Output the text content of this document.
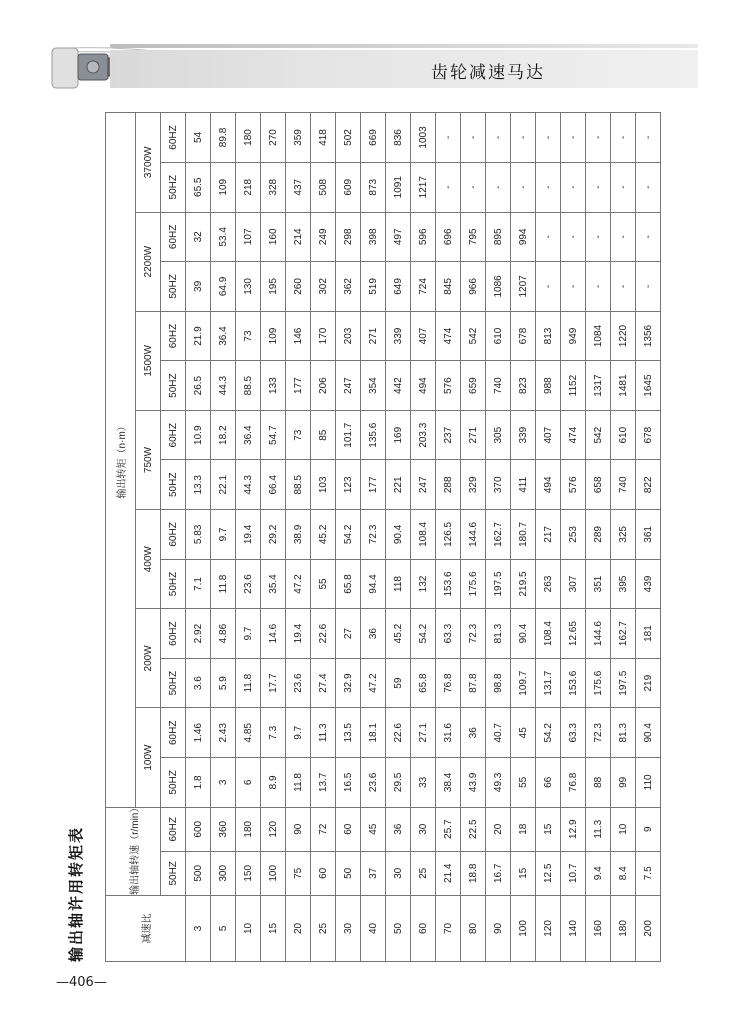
齿轮减速马达
输出轴许用转矩表	减速比	输出轴转速（r/min）		输出转矩（n·m）													
			100W		200W		400W		750W		1500W		2200W		3700W	
	50HZ	60HZ	50HZ	60HZ	50HZ	60HZ	50HZ	60HZ	50HZ	60HZ	50HZ	60HZ	50HZ	60HZ	50HZ	60HZ
3	500	600	1.8	1.46	3.6	2.92	7.1	5.83	13.3	10.9	26.5	21.9	39	32	65.5	54
5	300	360	3	2.43	5.9	4.86	11.8	9.7	22.1	18.2	44.3	36.4	64.9	53.4	109	89.8
10	150	180	6	4.85	11.8	9.7	23.6	19.4	44.3	36.4	88.5	73	130	107	218	180
15	100	120	8.9	7.3	17.7	14.6	35.4	29.2	66.4	54.7	133	109	195	160	328	270
20	75	90	11.8	9.7	23.6	19.4	47.2	38.9	88.5	73	177	146	260	214	437	359
25	60	72	13.7	11.3	27.4	22.6	55	45.2	103	85	206	170	302	249	508	418
30	50	60	16.5	13.5	32.9	27	65.8	54.2	123	101.7	247	203	362	298	609	502
40	37	45	23.6	18.1	47.2	36	94.4	72.3	177	135.6	354	271	519	398	873	669
50	30	36	29.5	22.6	59	45.2	118	90.4	221	169	442	339	649	497	1091	836
60	25	30	33	27.1	65.8	54.2	132	108.4	247	203.3	494	407	724	596	1217	1003
70	21.4	25.7	38.4	31.6	76.8	63.3	153.6	126.5	288	237	576	474	845	696	-	-
80	18.8	22.5	43.9	36	87.8	72.3	175.6	144.6	329	271	659	542	966	795	-	-
90	16.7	20	49.3	40.7	98.8	81.3	197.5	162.7	370	305	740	610	1086	895	-	-
100	15	18	55	45	109.7	90.4	219.5	180.7	411	339	823	678	1207	994	-	-
120	12.5	15	66	54.2	131.7	108.4	263	217	494	407	988	813	-	-	-	-
140	10.7	12.9	76.8	63.3	153.6	12.65	307	253	576	474	1152	949	-	-	-	-
160	9.4	11.3	88	72.3	175.6	144.6	351	289	658	542	1317	1084	-	-	-	-
180	8.4	10	99	81.3	197.5	162.7	395	325	740	610	1481	1220	-	-	-	-
200	7.5	9	110	90.4	219	181	439	361	822	678	1645	1356	-	-	-	-
—406—
